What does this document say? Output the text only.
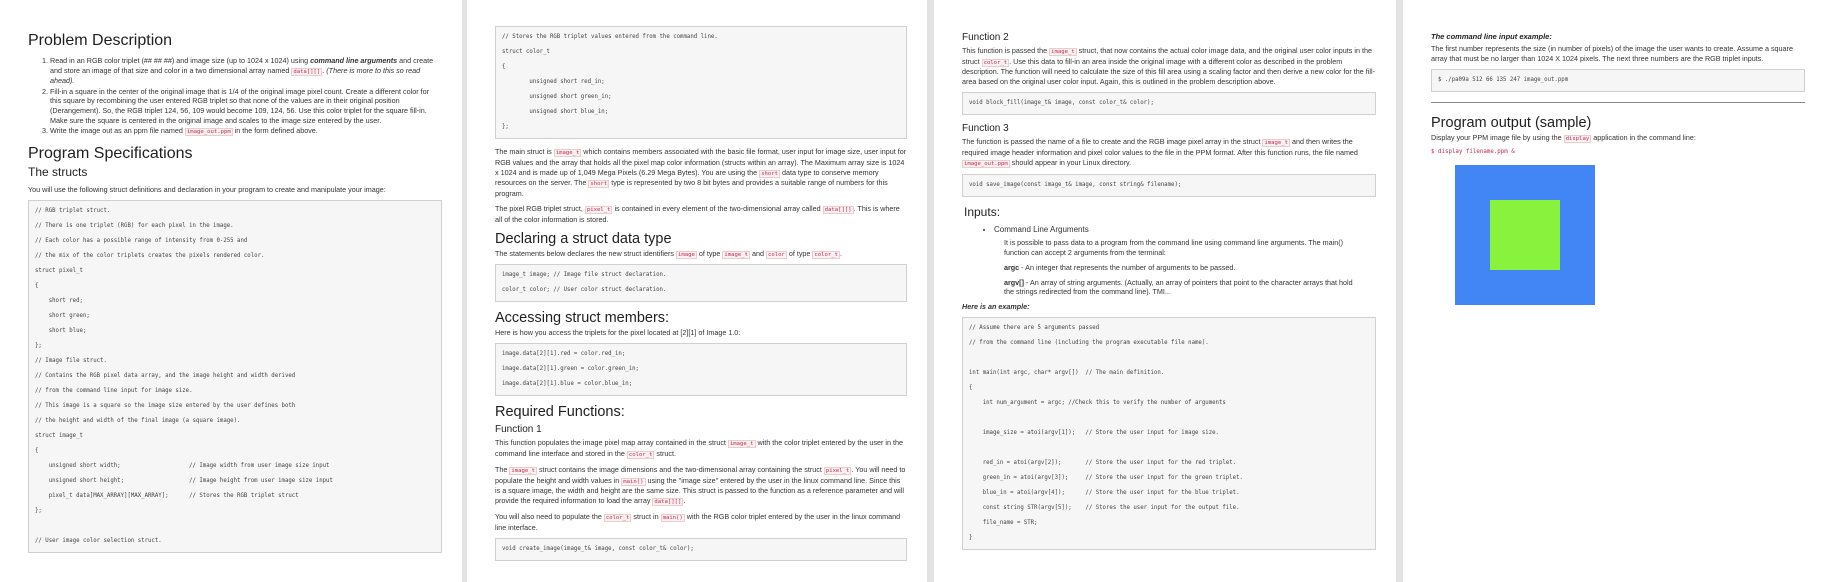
Problem Description
1. Read in an RGB color triplet (## ## ##) and image size (up to 1024 x 1024) using command line arguments and create and store an image of that size and color in a two dimensional array named data[][] . (There is more to this so read ahead).
2. Fill-in a square in the center of the original image that is 1/4 of the original image pixel count. Create a different color for this square by recombining the user entered RGB triplet so that none of the values are in their original position (Derangement). So, the RGB triplet 124, 56, 109 would become 109, 124, 56. Use this color triplet for the square fill-in. Make sure the square is centered in the original image and scales to the image size entered by the user.
3. Write the image out as an ppm file named image_out.ppm in the form defined above.
Program Specifications
The structs

You will use the following struct definitions and declaration in your program to create and manipulate your image:

// RGB triplet struct.
// There is one triplet (RGB) for each pixel in the image.
// Each color has a possible range of intensity from 0-255 and
// the mix of the color triplets creates the pixels rendered color.
struct pixel_t
{
short red;
short green;
short blue;
};
// Image file struct.
// Contains the RGB pixel data array, and the image height and width derived
// from the command line input for image size.
// This image is a square so the image size entered by the user defines both
// the height and width of the final image (a square image).
struct image_t
{
unsigned short width;                    // Image width from user image size input
unsigned short height;                   // Image height from user image size input
pixel_t data[MAX_ARRAY][MAX_ARRAY];      // Stores the RGB triplet struct
};
// User image color selection struct.
// Stores the RGB triplet values entered from the command line.
struct color_t
{
unsigned short red_in;
unsigned short green_in;
unsigned short blue_in;
};

The main struct is image_t which contains members associated with the basic file format, user input for image size, user input for RGB values and the array that holds all the pixel map color information (structs within an array). The Maximum array size is 1024 x 1024 and is made up of 1,049 Mega Pixels (6.29 Mega Bytes). You are using the short data type to conserve memory resources on the server. The short type is represented by two 8 bit bytes and provides a suitable range of numbers for this program.

The pixel RGB triplet struct, pixel_t is contained in every element of the two-dimensional array called data[][] . This is where all of the color information is stored.

Declaring a struct data type

The statements below declares the new struct identifiers image of type image_t and color of type color_t .

image_t image; // Image file struct declaration.
color_t color; // User color struct declaration.
Accessing struct members:

Here is how you access the triplets for the pixel located at [2][1] of Image 1.0:

image.data[2][1].red = color.red_in;
image.data[2][1].green = color.green_in;
image.data[2][1].blue = color.blue_in;
Required Functions:
Function 1

This function populates the image pixel map array contained in the struct image_t with the color triplet entered by the user in the command line interface and stored in the color_t struct.

The image_t struct contains the image dimensions and the two-dimensional array containing the struct pixel_t . You will need to populate the height and width values in main() using the "image size" entered by the user in the linux command line. Since this is a square image, the width and height are the same size. This struct is passed to the function as a reference parameter and will provide the required information to load the array data[][] .

You will also need to populate the color_t struct in main() with the RGB color triplet entered by the user in the linux command line interface.

void create_image(image_t& image, const color_t& color);
Function 2

This function is passed the image_t struct, that now contains the actual color image data, and the original user color inputs in the struct color_t . Use this data to fill-in an area inside the original image with a different color as described in the problem description. The function will need to calculate the size of this fill area using a scaling factor and then derive a new color for the fill-area based on the original user color input. Again, this is outlined in the problem description above.

void block_fill(image_t& image, const color_t& color);
Function 3

The function is passed the name of a file to create and the RGB image pixel array in the struct image_t and then writes the required image header information and pixel color values to the file in the PPM format. After this function runs, the file named image_out.ppm should appear in your Linux directory.

void save_image(const image_t& image, const string& filename);
Inputs:
• Command Line Arguments

It is possible to pass data to a program from the command line using command line arguments. The main() function can accept 2 arguments from the terminal:

argc - An integer that represents the number of arguments to be passed.

argv[] - An array of string arguments. (Actually, an array of pointers that point to the character arrays that hold the strings redirected from the command line). TMI...

Here is an example:

// Assume there are 5 arguments passed
// from the command line (including the program executable file name).
int main(int argc, char* argv[])  // The main definition.
{
int num_argument = argc; //Check this to verify the number of arguments
image_size = atoi(argv[1]);   // Store the user input for image size.
red_in = atoi(argv[2]);       // Store the user input for the red triplet.
green_in = atoi(argv[3]);     // Store the user input for the green triplet.
blue_in = atoi(argv[4]);      // Store the user input for the blue triplet.
const string STR(argv[5]);    // Stores the user input for the output file.
file_name = STR;
}
The command line input example:

The first number represents the size (in number of pixels) of the image the user wants to create. Assume a square array that must be no larger than 1024 X 1024 pixels. The next three numbers are the RGB triplet inputs.

$ ./pa09a 512 66 135 247 image_out.ppm
Program output (sample)

Display your PPM image file by using the display application in the command line:

$ display filename.ppm &
